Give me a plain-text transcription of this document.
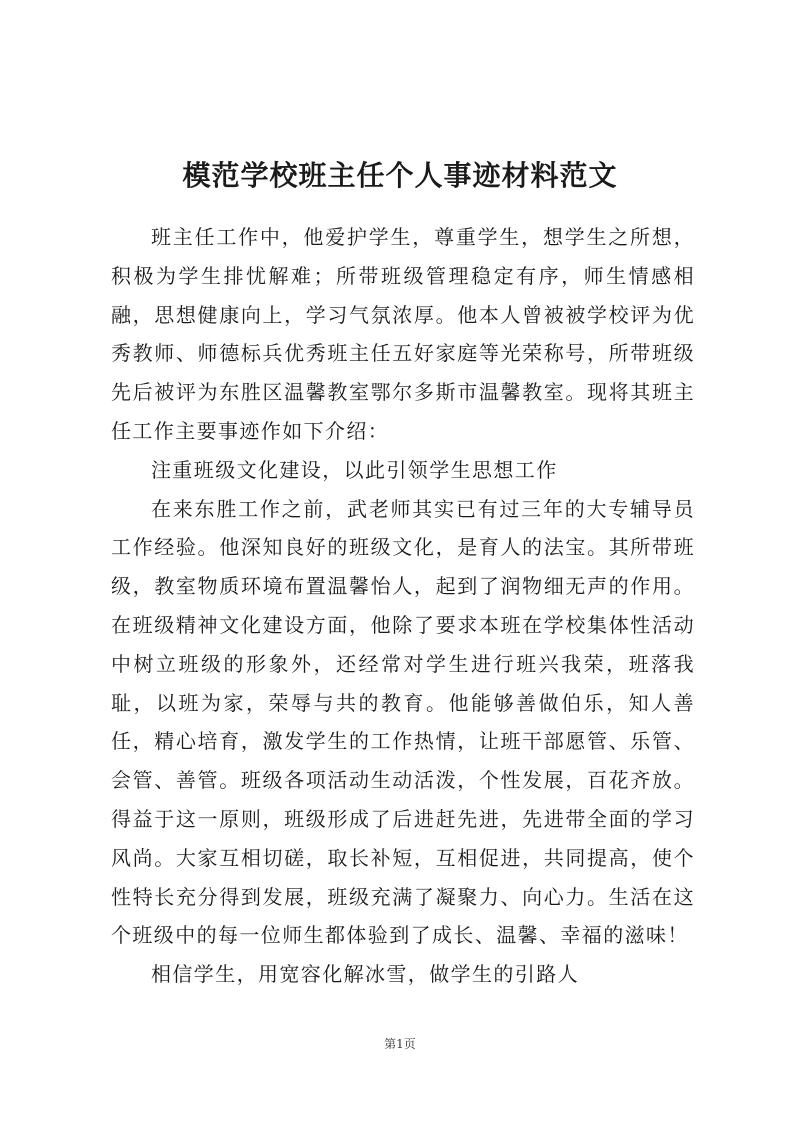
模范学校班主任个人事迹材料范文

班主任工作中，他爱护学生，尊重学生，想学生之所想，积极为学生排忧解难；所带班级管理稳定有序，师生情感相融，思想健康向上，学习气氛浓厚。他本人曾被被学校评为优秀教师、师德标兵优秀班主任五好家庭等光荣称号，所带班级先后被评为东胜区温馨教室鄂尔多斯市温馨教室。现将其班主任工作主要事迹作如下介绍：

注重班级文化建设，以此引领学生思想工作

在来东胜工作之前，武老师其实已有过三年的大专辅导员工作经验。他深知良好的班级文化，是育人的法宝。其所带班级，教室物质环境布置温馨怡人，起到了润物细无声的作用。在班级精神文化建设方面，他除了要求本班在学校集体性活动中树立班级的形象外，还经常对学生进行班兴我荣，班落我耻，以班为家，荣辱与共的教育。他能够善做伯乐，知人善任，精心培育，激发学生的工作热情，让班干部愿管、乐管、会管、善管。班级各项活动生动活泼，个性发展，百花齐放。得益于这一原则，班级形成了后进赶先进，先进带全面的学习风尚。大家互相切磋，取长补短，互相促进，共同提高，使个性特长充分得到发展，班级充满了凝聚力、向心力。生活在这个班级中的每一位师生都体验到了成长、温馨、幸福的滋味！

相信学生，用宽容化解冰雪，做学生的引路人

第1页
